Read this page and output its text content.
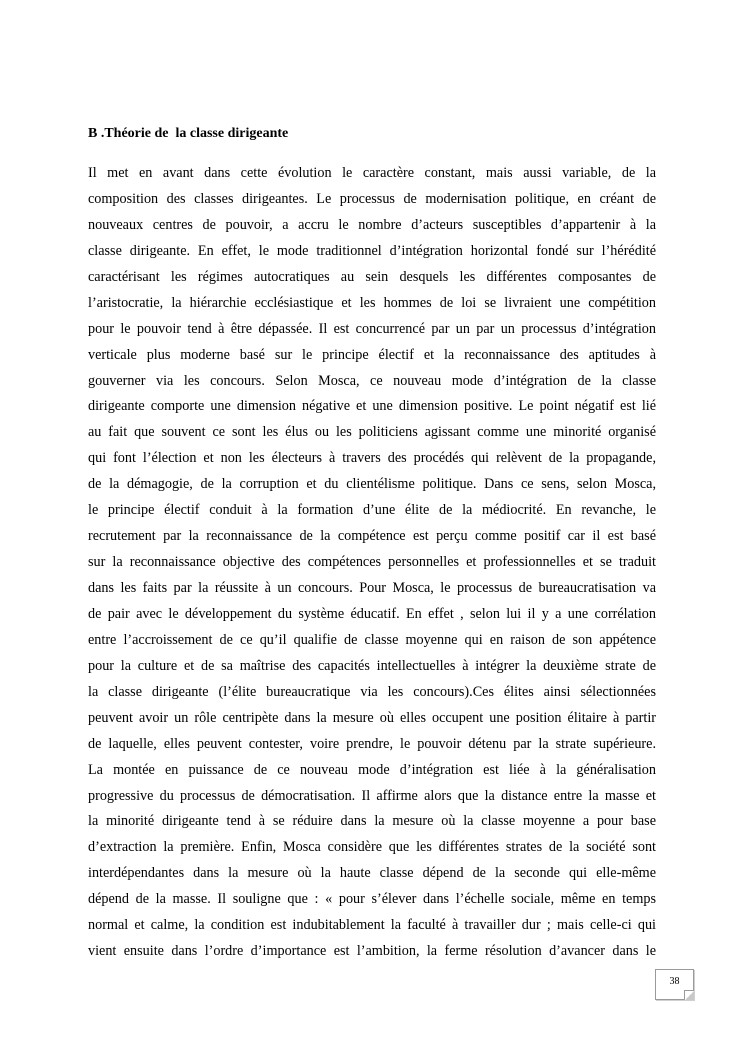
B .Théorie de  la classe dirigeante
Il met en avant dans cette évolution le caractère constant, mais aussi variable, de la
composition des classes dirigeantes. Le processus de modernisation politique, en créant de
nouveaux centres de pouvoir, a accru le nombre d’acteurs susceptibles d’appartenir à la
classe dirigeante. En effet, le mode traditionnel d’intégration horizontal fondé sur l’hérédité
caractérisant les régimes autocratiques au sein desquels les différentes composantes de
l’aristocratie, la hiérarchie ecclésiastique et les hommes de loi se livraient une compétition
pour le pouvoir tend à être dépassée. Il est concurrencé par un par un processus d’intégration
verticale plus moderne basé sur le principe électif et la reconnaissance des aptitudes à
gouverner via les concours. Selon Mosca, ce nouveau mode d’intégration de la classe
dirigeante comporte une dimension négative et une dimension positive. Le point négatif est lié
au fait que souvent ce sont les élus ou les politiciens agissant comme une minorité organisé
qui font l’élection et non les électeurs à travers des procédés qui relèvent de la propagande,
de la démagogie, de la corruption et du clientélisme politique. Dans ce sens, selon Mosca,
le principe électif conduit à la formation d’une élite de la médiocrité. En revanche, le
recrutement par la reconnaissance de la compétence est perçu comme positif car il est basé
sur la reconnaissance objective des compétences personnelles et professionnelles et se traduit
dans les faits par la réussite à un concours. Pour Mosca, le processus de bureaucratisation va
de pair avec le développement du système éducatif. En effet , selon lui il y a une corrélation
entre l’accroissement de ce qu’il qualifie de classe moyenne qui en raison de son appétence
pour la culture et de sa maîtrise des capacités intellectuelles à intégrer la deuxième strate de
la classe dirigeante (l’élite bureaucratique via les concours).Ces élites ainsi sélectionnées
peuvent avoir un rôle centripète dans la mesure où elles occupent une position élitaire à partir
de laquelle, elles peuvent contester, voire prendre, le pouvoir détenu par la strate supérieure.
La montée en puissance de ce nouveau mode d’intégration est liée à la généralisation
progressive du processus de démocratisation. Il affirme alors que la distance entre la masse et
la minorité dirigeante tend à se réduire dans la mesure où la classe moyenne a pour base
d’extraction la première. Enfin, Mosca considère que les différentes strates de la société sont
interdépendantes dans la mesure où la haute classe dépend de la seconde qui elle-même
dépend de la masse. Il souligne que : « pour s’élever dans l’échelle sociale, même en temps
normal et calme, la condition est indubitablement la faculté à travailler dur ; mais celle-ci qui
vient ensuite dans l’ordre d’importance est l’ambition, la ferme résolution d’avancer dans le
38
